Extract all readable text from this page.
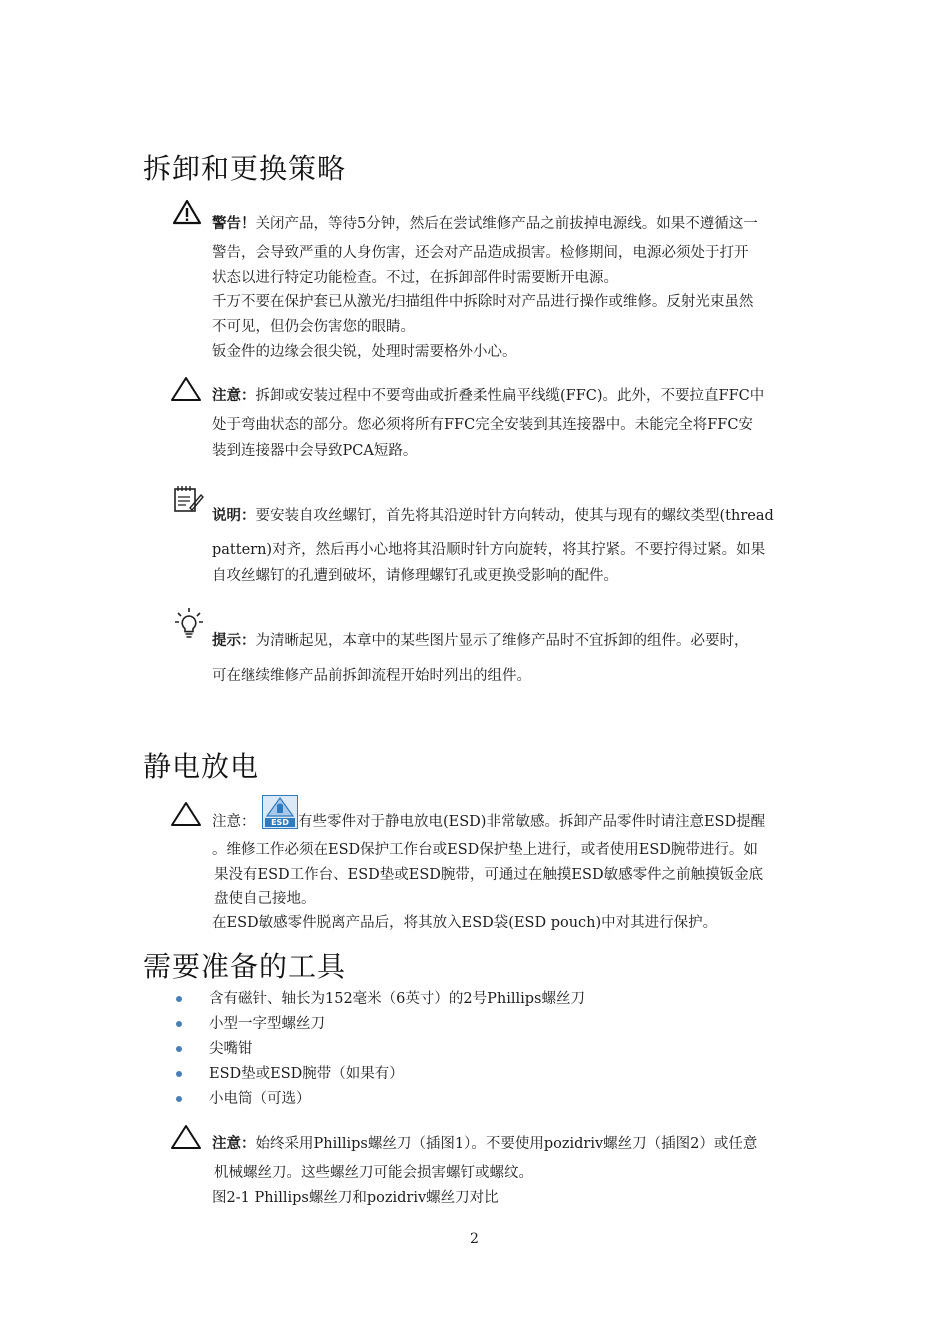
拆卸和更换策略
警告！关闭产品，等待5分钟，然后在尝试维修产品之前拔掉电源线。如果不遵循这一
警告，会导致严重的人身伤害，还会对产品造成损害。检修期间，电源必须处于打开
状态以进行特定功能检查。不过，在拆卸部件时需要断开电源。
千万不要在保护套已从激光/扫描组件中拆除时对产品进行操作或维修。反射光束虽然
不可见，但仍会伤害您的眼睛。
钣金件的边缘会很尖锐，处理时需要格外小心。
注意：拆卸或安装过程中不要弯曲或折叠柔性扁平线缆(FFC)。此外，不要拉直FFC中
处于弯曲状态的部分。您必须将所有FFC完全安装到其连接器中。未能完全将FFC安
装到连接器中会导致PCA短路。
说明：要安装自攻丝螺钉，首先将其沿逆时针方向转动，使其与现有的螺纹类型(thread
pattern)对齐，然后再小心地将其沿顺时针方向旋转，将其拧紧。不要拧得过紧。如果
自攻丝螺钉的孔遭到破坏，请修理螺钉孔或更换受影响的配件。
提示：为清晰起见，本章中的某些图片显示了维修产品时不宜拆卸的组件。必要时，
可在继续维修产品前拆卸流程开始时列出的组件。
静电放电
注意：	ESD 有些零件对于静电放电(ESD)非常敏感。拆卸产品零件时请注意ESD提醒
。维修工作必须在ESD保护工作台或ESD保护垫上进行，或者使用ESD腕带进行。如
果没有ESD工作台、ESD垫或ESD腕带，可通过在触摸ESD敏感零件之前触摸钣金底
盘使自己接地。
在ESD敏感零件脱离产品后，将其放入ESD袋(ESD pouch)中对其进行保护。
需要准备的工具
含有磁针、轴长为152毫米（6英寸）的2号Phillips螺丝刀
小型一字型螺丝刀
尖嘴钳
ESD垫或ESD腕带（如果有）
小电筒（可选）
注意：始终采用Phillips螺丝刀（插图1）。不要使用pozidriv螺丝刀（插图2）或任意
机械螺丝刀。这些螺丝刀可能会损害螺钉或螺纹。
图2-1 Phillips螺丝刀和pozidriv螺丝刀对比
2
